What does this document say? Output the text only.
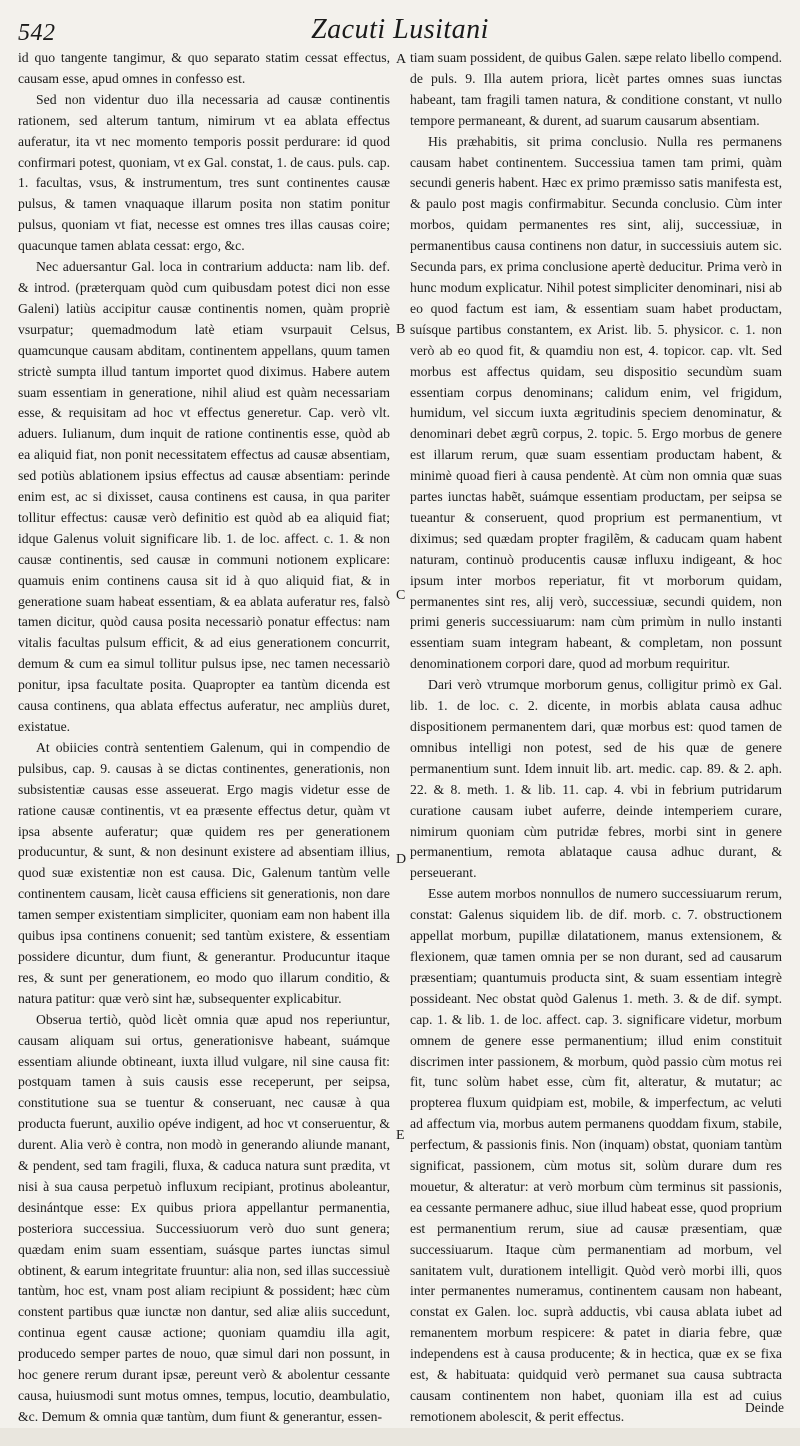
542	Zacuti Lusitani

id quo tangente tangimur, & quo separato statim cessat effectus, causam esse, apud omnes in confesso est.

Sed non videntur duo illa necessaria ad causæ continentis rationem, sed alterum tantum, nimirum vt ea ablata effectus auferatur, ita vt nec momento temporis possit perdurare: id quod confirmari potest, quoniam, vt ex Gal. constat, 1. de caus. puls. cap. 1. facultas, vsus, & instrumentum, tres sunt continentes causæ pulsus, & tamen vnaquaque illarum posita non statim ponitur pulsus, quoniam vt fiat, necesse est omnes tres illas causas coire; quacunque tamen ablata cessat: ergo, &c.

Nec aduersantur Gal. loca in contrarium adducta: nam lib. def. & introd. (præterquam quòd cum quibusdam potest dici non esse Galeni) latiùs accipitur causæ continentis nomen, quàm propriè vsurpatur; quemadmodum latè etiam vsurpauit Celsus, quamcunque causam abditam, continentem appellans, quum tamen strictè sumpta illud tantum importet quod diximus. Habere autem suam essentiam in generatione, nihil aliud est quàm necessariam esse, & requisitam ad hoc vt effectus generetur. Cap. verò vlt. aduers. Iulianum, dum inquit de ratione continentis esse, quòd ab ea aliquid fiat, non ponit necessitatem effectus ad causæ absentiam, sed potiùs ablationem ipsius effectus ad causæ absentiam: perinde enim est, ac si dixisset, causa continens est causa, in qua pariter tollitur effectus: causæ verò definitio est quòd ab ea aliquid fiat; idque Galenus voluit significare lib. 1. de loc. affect. c. 1. & non causæ continentis, sed causæ in communi notionem explicare: quamuis enim continens causa sit id à quo aliquid fiat, & in generatione suam habeat essentiam, & ea ablata auferatur res, falsò tamen dicitur, quòd causa posita necessariò ponatur effectus: nam vitalis facultas pulsum efficit, & ad eius generationem concurrit, demum & cum ea simul tollitur pulsus ipse, nec tamen necessariò ponitur, ipsa facultate posita. Quapropter ea tantùm dicenda est causa continens, qua ablata effectus auferatur, nec ampliùs duret, existatue.

At obiicies contrà sententiem Galenum, qui in compendio de pulsibus, cap. 9. causas à se dictas continentes, generationis, non subsistentiæ causas esse asseuerat. Ergo magis videtur esse de ratione causæ continentis, vt ea præsente effectus detur, quàm vt ipsa absente auferatur; quæ quidem res per generationem producuntur, & sunt, & non desinunt existere ad absentiam illius, quod suæ existentiæ non est causa. Dic, Galenum tantùm velle continentem causam, licèt causa efficiens sit generationis, non dare tamen semper existentiam simpliciter, quoniam eam non habent illa quibus ipsa continens conuenit; sed tantùm existere, & essentiam possidere dicuntur, dum fiunt, & generantur. Producuntur itaque res, & sunt per generationem, eo modo quo illarum conditio, & natura patitur: quæ verò sint hæ, subsequenter explicabitur.

Obserua tertiò, quòd licèt omnia quæ apud nos reperiuntur, causam aliquam sui ortus, generationisve habeant, suámque essentiam aliunde obtineant, iuxta illud vulgare, nil sine causa fit: postquam tamen à suis causis esse receperunt, per seipsa, constitutione sua se tuentur & conseruant, nec causæ à qua producta fuerunt, auxilio opéve indigent, ad hoc vt conseruentur, & durent. Alia verò è contra, non modò in generando aliunde manant, & pendent, sed tam fragili, fluxa, & caduca natura sunt prædita, vt nisi à sua causa perpetuò influxum recipiant, protinus aboleantur, desinántque esse: Ex quibus priora appellantur permanentia, posteriora successiua. Successiuorum verò duo sunt genera; quædam enim suam essentiam, suásque partes iunctas simul obtinent, & earum integritate fruuntur: alia non, sed illas successiuè tantùm, hoc est, vnam post aliam recipiunt & possident; hæc cùm constent partibus quæ iunctæ non dantur, sed aliæ aliis succedunt, continua egent causæ actione; quoniam quamdiu illa agit, producedo semper partes de nouo, quæ simul dari non possunt, in hoc genere rerum durant ipsæ, pereunt verò & abolentur cessante causa, huiusmodi sunt motus omnes, tempus, locutio, deambulatio, &c. Demum & omnia quæ tantùm, dum fiunt & generantur, essen-

tiam suam possident, de quibus Galen. sæpe relato libello compend. de puls. 9. Illa autem priora, licèt partes omnes suas iunctas habeant, tam fragili tamen natura, & conditione constant, vt nullo tempore permaneant, & durent, ad suarum causarum absentiam.

His præhabitis, sit prima conclusio. Nulla res permanens causam habet continentem. Successiua tamen tam primi, quàm secundi generis habent. Hæc ex primo præmisso satis manifesta est, & paulo post magis confirmabitur. Secunda conclusio. Cùm inter morbos, quidam permanentes res sint, alij, successiuæ, in permanentibus causa continens non datur, in successiuis autem sic. Secunda pars, ex prima conclusione apertè deducitur. Prima verò in hunc modum explicatur. Nihil potest simpliciter denominari, nisi ab eo quod factum est iam, & essentiam suam habet productam, suísque partibus constantem, ex Arist. lib. 5. physicor. c. 1. non verò ab eo quod fit, & quamdiu non est, 4. topicor. cap. vlt. Sed morbus est affectus quidam, seu dispositio secundùm suam essentiam corpus denominans; calidum enim, vel frigidum, humidum, vel siccum iuxta ægritudinis speciem denominatur, & denominari debet ægrũ corpus, 2. topic. 5. Ergo morbus de genere est illarum rerum, quæ suam essentiam productam habent, & minimè quoad fieri à causa pendentè. At cùm non omnia quæ suas partes iunctas habẽt, suámque essentiam productam, per seipsa se tueantur & conseruent, quod proprium est permanentium, vt diximus; sed quædam propter fragilẽm, & caducam quam habent naturam, continuò producentis causæ influxu indigeant, & hoc ipsum inter morbos reperiatur, fit vt morborum quidam, permanentes sint res, alij verò, successiuæ, secundi quidem, non primi generis successiuarum: nam cùm primùm in nullo instanti essentiam suam integram habeant, & completam, non possunt denominationem corpori dare, quod ad morbum requiritur.

Dari verò vtrumque morborum genus, colligitur primò ex Gal. lib. 1. de loc. c. 2. dicente, in morbis ablata causa adhuc dispositionem permanentem dari, quæ morbus est: quod tamen de omnibus intelligi non potest, sed de his quæ de genere permanentium sunt. Idem innuit lib. art. medic. cap. 89. & 2. aph. 22. & 8. meth. 1. & lib. 11. cap. 4. vbi in febrium putridarum curatione causam iubet auferre, deinde intemperiem curare, nimirum quoniam cùm putridæ febres, morbi sint in genere permanentium, remota ablataque causa adhuc durant, & perseuerant.

Esse autem morbos nonnullos de numero successiuarum rerum, constat: Galenus siquidem lib. de dif. morb. c. 7. obstructionem appellat morbum, pupillæ dilatationem, manus extensionem, & flexionem, quæ tamen omnia per se non durant, sed ad causarum præsentiam; quantumuis producta sint, & suam essentiam integrè possideant. Nec obstat quòd Galenus 1. meth. 3. & de dif. sympt. cap. 1. & lib. 1. de loc. affect. cap. 3. significare videtur, morbum omnem de genere esse permanentium; illud enim constituit discrimen inter passionem, & morbum, quòd passio cùm motus rei fit, tunc solùm habet esse, cùm fit, alteratur, & mutatur; ac propterea fluxum quidpiam est, mobile, & imperfectum, ac veluti ad affectum via, morbus autem permanens quoddam fixum, stabile, perfectum, & passionis finis. Non (inquam) obstat, quoniam tantùm significat, passionem, cùm motus sit, solùm durare dum res mouetur, & alteratur: at verò morbum cùm terminus sit passionis, ea cessante permanere adhuc, siue illud habeat esse, quod proprium est permanentium rerum, siue ad causæ præsentiam, quæ successiuarum. Itaque cùm permanentiam ad morbum, vel sanitatem vult, durationem intelligit. Quòd verò morbi illi, quos inter permanentes numeramus, continentem causam non habeant, constat ex Galen. loc. suprà adductis, vbi causa ablata iubet ad remanentem morbum respicere: & patet in diaria febre, quæ independens est à causa producente; & in hectica, quæ ex se fixa est, & habituata: quidquid verò permanet sua causa subtracta causam continentem non habet, quoniam illa est ad cuius remotionem abolescit, & perit effectus.

A
B
C
D
E
Deinde
